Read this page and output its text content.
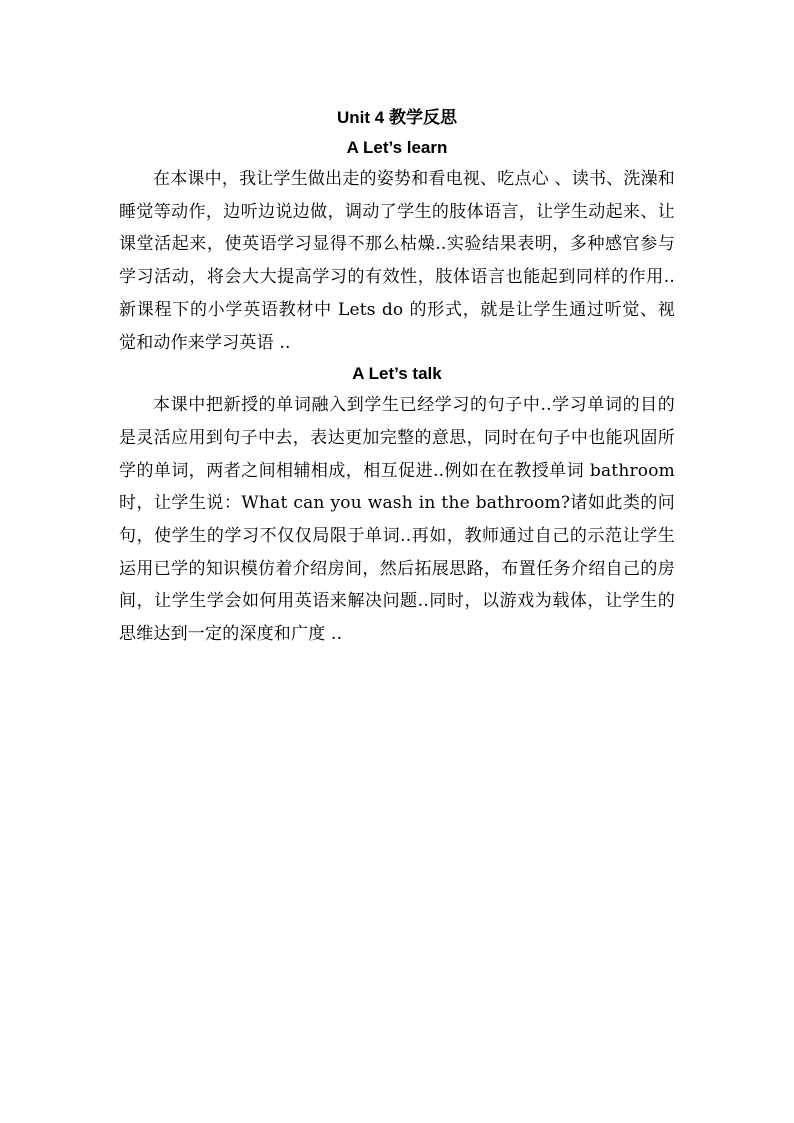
Unit 4 教学反思
A Let’s learn

在本课中，我让学生做出走的姿势和看电视、吃点心 、读书、洗澡和睡觉等动作，边听边说边做，调动了学生的肢体语言，让学生动起来、让课堂活起来，使英语学习显得不那么枯燥..实验结果表明，多种感官参与学习活动，将会大大提高学习的有效性，肢体语言也能起到同样的作用..新课程下的小学英语教材中 Lets do 的形式，就是让学生通过听觉、视觉和动作来学习英语 ..

A Let’s talk

本课中把新授的单词融入到学生已经学习的句子中..学习单词的目的是灵活应用到句子中去，表达更加完整的意思，同时在句子中也能巩固所学的单词，两者之间相辅相成，相互促进..例如在在教授单词 bathroom 时，让学生说：What can you wash in the bathroom?诸如此类的问句，使学生的学习不仅仅局限于单词..再如，教师通过自己的示范让学生运用已学的知识模仿着介绍房间，然后拓展思路，布置任务介绍自己的房间，让学生学会如何用英语来解决问题..同时，以游戏为载体，让学生的思维达到一定的深度和广度 ..
